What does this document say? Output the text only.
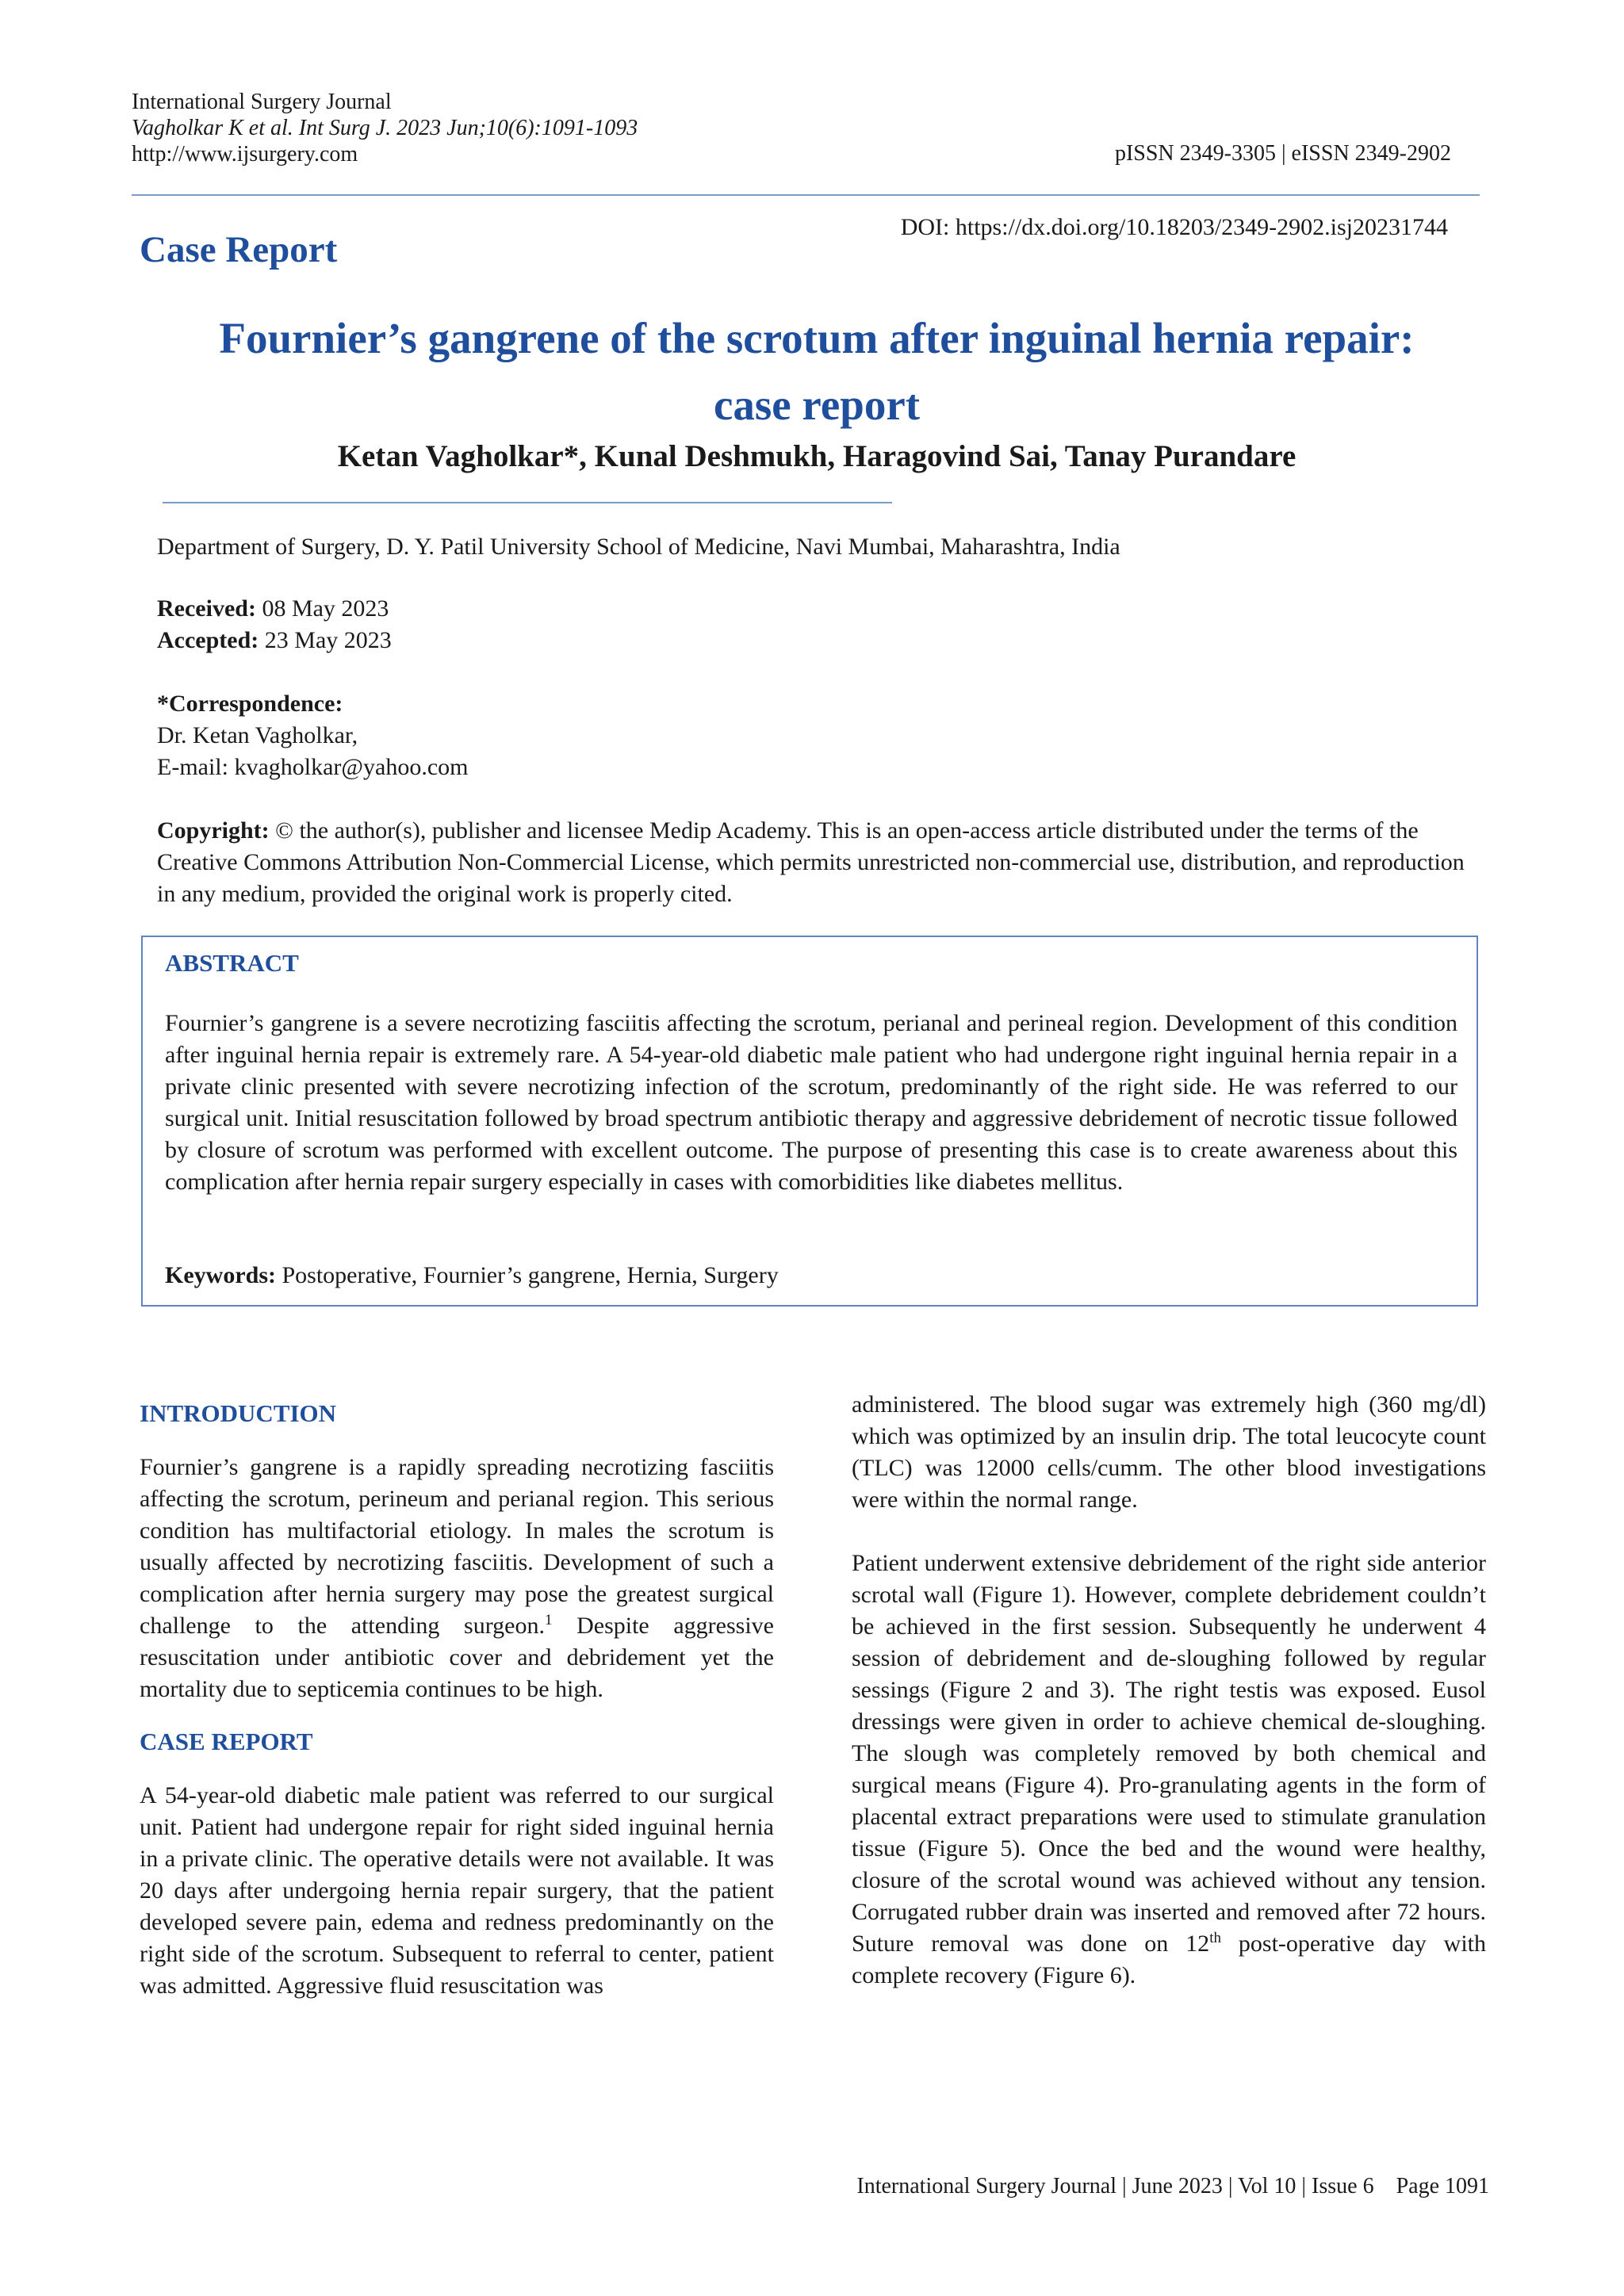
International Surgery Journal
Vagholkar K et al. Int Surg J. 2023 Jun;10(6):1091-1093
http://www.ijsurgery.com	pISSN 2349-3305 | eISSN 2349-2902
Case Report
DOI: https://dx.doi.org/10.18203/2349-2902.isj20231744
Fournier’s gangrene of the scrotum after inguinal hernia repair:
case report
Ketan Vagholkar*, Kunal Deshmukh, Haragovind Sai, Tanay Purandare
Department of Surgery, D. Y. Patil University School of Medicine, Navi Mumbai, Maharashtra, India
Received: 08 May 2023
Accepted: 23 May 2023
*Correspondence:
Dr. Ketan Vagholkar,
E-mail: kvagholkar@yahoo.com
Copyright: © the author(s), publisher and licensee Medip Academy. This is an open-access article distributed under the terms of the Creative Commons Attribution Non-Commercial License, which permits unrestricted non-commercial use, distribution, and reproduction in any medium, provided the original work is properly cited.
ABSTRACT
Fournier’s gangrene is a severe necrotizing fasciitis affecting the scrotum, perianal and perineal region. Development of this condition after inguinal hernia repair is extremely rare. A 54-year-old diabetic male patient who had undergone right inguinal hernia repair in a private clinic presented with severe necrotizing infection of the scrotum, predominantly of the right side. He was referred to our surgical unit. Initial resuscitation followed by broad spectrum antibiotic therapy and aggressive debridement of necrotic tissue followed by closure of scrotum was performed with excellent outcome. The purpose of presenting this case is to create awareness about this complication after hernia repair surgery especially in cases with comorbidities like diabetes mellitus.
Keywords: Postoperative, Fournier’s gangrene, Hernia, Surgery
INTRODUCTION

Fournier’s gangrene is a rapidly spreading necrotizing fasciitis affecting the scrotum, perineum and perianal region. This serious condition has multifactorial etiology. In males the scrotum is usually affected by necrotizing fasciitis. Development of such a complication after hernia surgery may pose the greatest surgical challenge to the attending surgeon.$^1$ Despite aggressive resuscitation under antibiotic cover and debridement yet the mortality due to septicemia continues to be high.

CASE REPORT

A 54-year-old diabetic male patient was referred to our surgical unit. Patient had undergone repair for right sided inguinal hernia in a private clinic. The operative details were not available. It was 20 days after undergoing hernia repair surgery, that the patient developed severe pain, edema and redness predominantly on the right side of the scrotum. Subsequent to referral to center, patient was admitted. Aggressive fluid resuscitation was

administered. The blood sugar was extremely high (360 mg/dl) which was optimized by an insulin drip. The total leucocyte count (TLC) was 12000 cells/cumm. The other blood investigations were within the normal range.

Patient underwent extensive debridement of the right side anterior scrotal wall (Figure 1). However, complete debridement couldn’t be achieved in the first session. Subsequently he underwent 4 session of debridement and de-sloughing followed by regular sessings (Figure 2 and 3). The right testis was exposed. Eusol dressings were given in order to achieve chemical de-sloughing. The slough was completely removed by both chemical and surgical means (Figure 4). Pro-granulating agents in the form of placental extract preparations were used to stimulate granulation tissue (Figure 5). Once the bed and the wound were healthy, closure of the scrotal wound was achieved without any tension. Corrugated rubber drain was inserted and removed after 72 hours. Suture removal was done on 12th post-operative day with complete recovery (Figure 6).

International Surgery Journal | June 2023 | Vol 10 | Issue 6    Page 1091
